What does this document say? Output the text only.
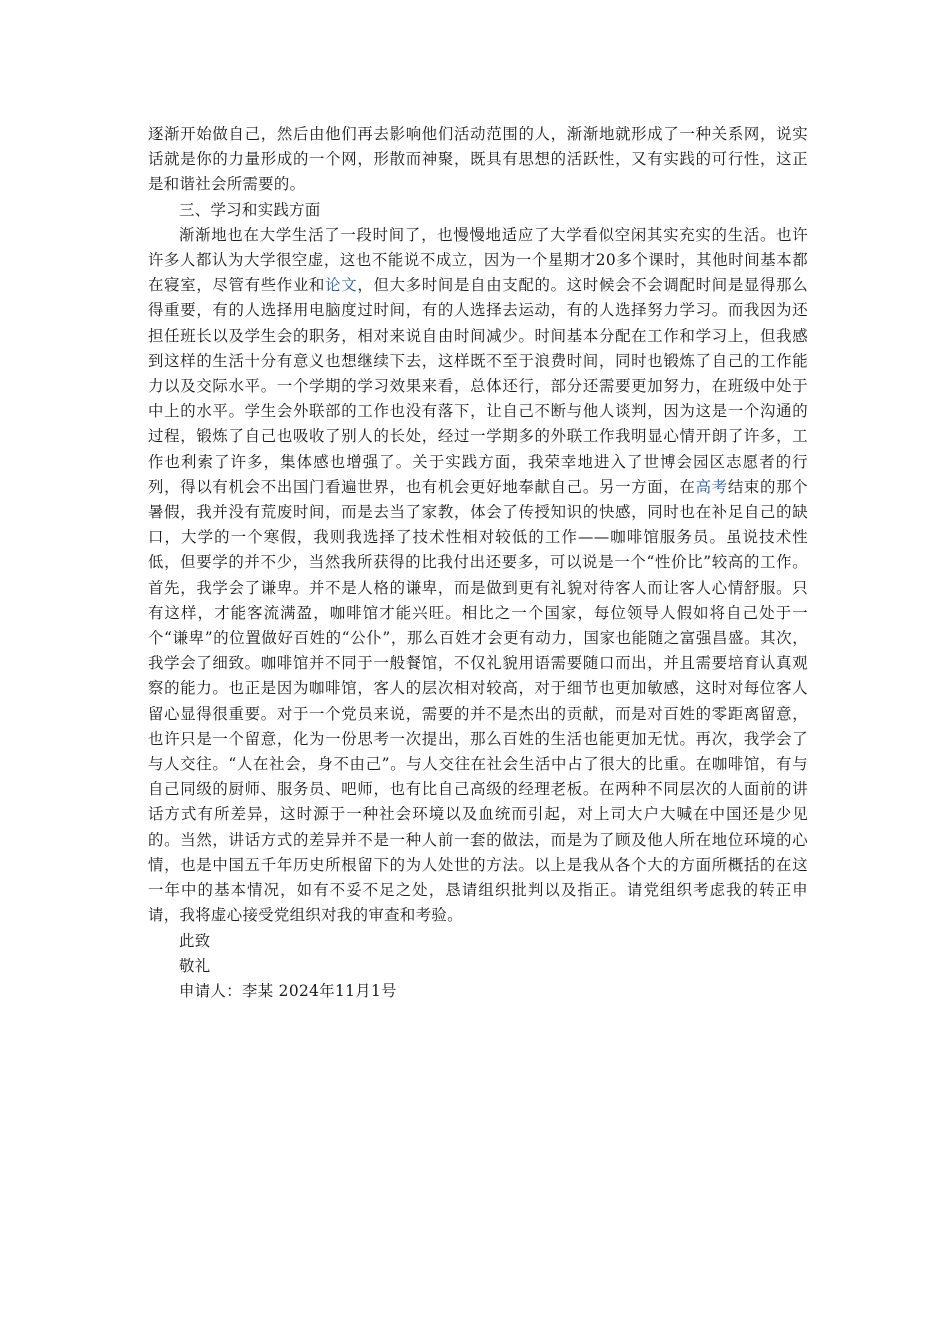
逐渐开始做自己，然后由他们再去影响他们活动范围的人，渐渐地就形成了一种关系网，说实话就是你的力量形成的一个网，形散而神聚，既具有思想的活跃性，又有实践的可行性，这正是和谐社会所需要的。

三、学习和实践方面

渐渐地也在大学生活了一段时间了，也慢慢地适应了大学看似空闲其实充实的生活。也许许多人都认为大学很空虚，这也不能说不成立，因为一个星期才20多个课时，其他时间基本都在寝室，尽管有些作业和论文，但大多时间是自由支配的。这时候会不会调配时间是显得那么得重要，有的人选择用电脑度过时间，有的人选择去运动，有的人选择努力学习。而我因为还担任班长以及学生会的职务，相对来说自由时间减少。时间基本分配在工作和学习上，但我感到这样的生活十分有意义也想继续下去，这样既不至于浪费时间，同时也锻炼了自己的工作能力以及交际水平。一个学期的学习效果来看，总体还行，部分还需要更加努力，在班级中处于中上的水平。学生会外联部的工作也没有落下，让自己不断与他人谈判，因为这是一个沟通的过程，锻炼了自己也吸收了别人的长处，经过一学期多的外联工作我明显心情开朗了许多，工作也利索了许多，集体感也增强了。关于实践方面，我荣幸地进入了世博会园区志愿者的行列，得以有机会不出国门看遍世界，也有机会更好地奉献自己。另一方面，在高考结束的那个暑假，我并没有荒废时间，而是去当了家教，体会了传授知识的快感，同时也在补足自己的缺口，大学的一个寒假，我则我选择了技术性相对较低的工作——咖啡馆服务员。虽说技术性低，但要学的并不少，当然我所获得的比我付出还要多，可以说是一个“性价比”较高的工作。首先，我学会了谦卑。并不是人格的谦卑，而是做到更有礼貌对待客人而让客人心情舒服。只有这样，才能客流满盈，咖啡馆才能兴旺。相比之一个国家，每位领导人假如将自己处于一个“谦卑”的位置做好百姓的“公仆”，那么百姓才会更有动力，国家也能随之富强昌盛。其次，我学会了细致。咖啡馆并不同于一般餐馆，不仅礼貌用语需要随口而出，并且需要培育认真观察的能力。也正是因为咖啡馆，客人的层次相对较高，对于细节也更加敏感，这时对每位客人留心显得很重要。对于一个党员来说，需要的并不是杰出的贡献，而是对百姓的零距离留意，也许只是一个留意，化为一份思考一次提出，那么百姓的生活也能更加无忧。再次，我学会了与人交往。“人在社会，身不由己”。与人交往在社会生活中占了很大的比重。在咖啡馆，有与自己同级的厨师、服务员、吧师，也有比自己高级的经理老板。在两种不同层次的人面前的讲话方式有所差异，这时源于一种社会环境以及血统而引起，对上司大户大喊在中国还是少见的。当然，讲话方式的差异并不是一种人前一套的做法，而是为了顾及他人所在地位环境的心情，也是中国五千年历史所根留下的为人处世的方法。以上是我从各个大的方面所概括的在这一年中的基本情况，如有不妥不足之处，恳请组织批判以及指正。请党组织考虑我的转正申请，我将虚心接受党组织对我的审查和考验。

此致

敬礼

申请人：李某 2024年11月1号
